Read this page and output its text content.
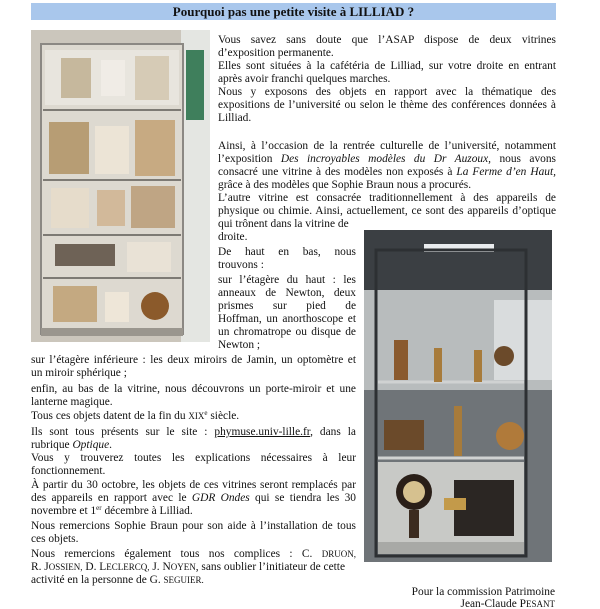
Pourquoi pas une petite visite à LILLIAD ?
Vous savez sans doute que l’ASAP dispose de deux vitrines
d’exposition permanente.
Elles sont situées à la cafétéria de Lilliad, sur votre droite en entrant
après avoir franchi quelques marches.
Nous y exposons des objets en rapport avec la thématique des
expositions de l’université ou selon le thème des conférences données à
Lilliad.
Ainsi, à l’occasion de la rentrée culturelle de l’université, notamment
l’exposition Des incroyables modèles du Dr Auzoux, nous avons
consacré une vitrine à des modèles non exposés à La Ferme d’en Haut,
grâce à des modèles que Sophie Braun nous a procurés.
L’autre vitrine est consacrée traditionnellement à des appareils de
physique ou chimie. Ainsi, actuellement, ce sont des appareils d’optique
qui trônent dans la vitrine de
droite.
De haut en bas, nous
trouvons :
sur l’étagère du haut : les
anneaux de Newton, deux
prismes sur pied de
Hoffman, un anorthoscope et
un chromatrope ou disque de
Newton ;
sur l’étagère inférieure : les deux miroirs de Jamin, un optomètre et
un miroir sphérique ;
enfin, au bas de la vitrine, nous découvrons un porte-miroir et une
lanterne magique.
Tous ces objets datent de la fin du XIXe siècle.
Ils sont tous présents sur le site : phymuse.univ-lille.fr, dans la
rubrique Optique.
Vous y trouverez toutes les explications nécessaires à leur
fonctionnement.
À partir du 30 octobre, les objets de ces vitrines seront remplacés par
des appareils en rapport avec le GDR Ondes qui se tiendra les 30
novembre et 1er décembre à Lilliad.
Nous remercions Sophie Braun pour son aide à l’installation de tous
ces objets.
Nous remercions également tous nos complices : C. DRUON,
R. JOSSIEN, D. LECLERCQ, J. NOYEN, sans oublier l’initiateur de cette
activité en la personne de G. SEGUIER.
Pour la commission Patrimoine
Jean-Claude PESANT
